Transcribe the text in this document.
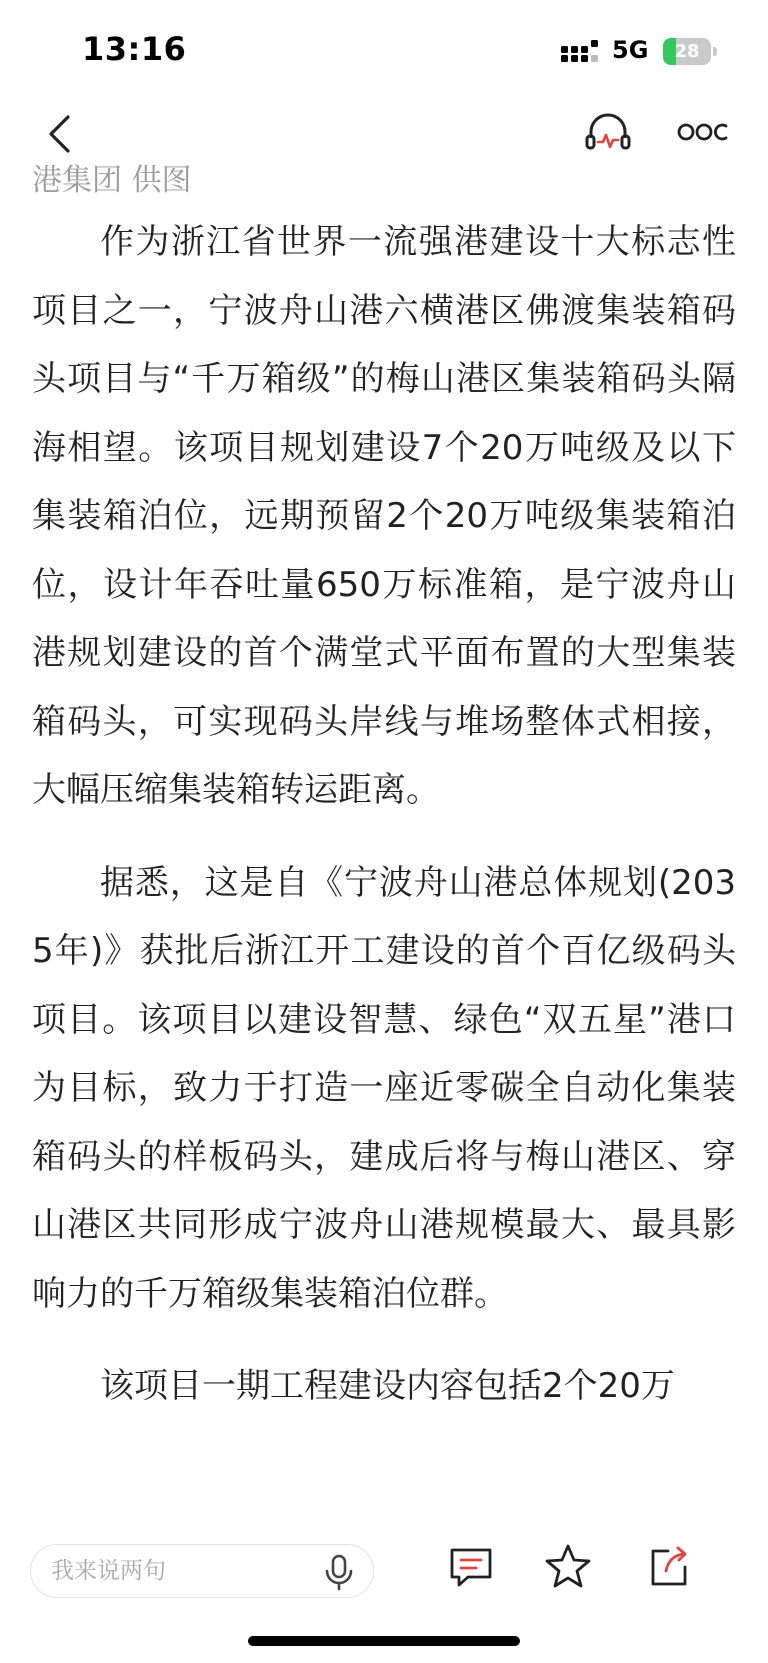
13:16	5G	28

港集团 供图

作为浙江省世界一流强港建设十大标志性项目之一，宁波舟山港六横港区佛渡集装箱码头项目与“千万箱级”的梅山港区集装箱码头隔海相望。该项目规划建设7个20万吨级及以下集装箱泊位，远期预留2个20万吨级集装箱泊位，设计年吞吐量650万标准箱，是宁波舟山港规划建设的首个满堂式平面布置的大型集装箱码头，可实现码头岸线与堆场整体式相接，大幅压缩集装箱转运距离。

据悉，这是自《宁波舟山港总体规划(2035年)》获批后浙江开工建设的首个百亿级码头项目。该项目以建设智慧、绿色“双五星”港口为目标，致力于打造一座近零碳全自动化集装箱码头的样板码头，建成后将与梅山港区、穿山港区共同形成宁波舟山港规模最大、最具影响力的千万箱级集装箱泊位群。

该项目一期工程建设内容包括2个20万

我来说两句
